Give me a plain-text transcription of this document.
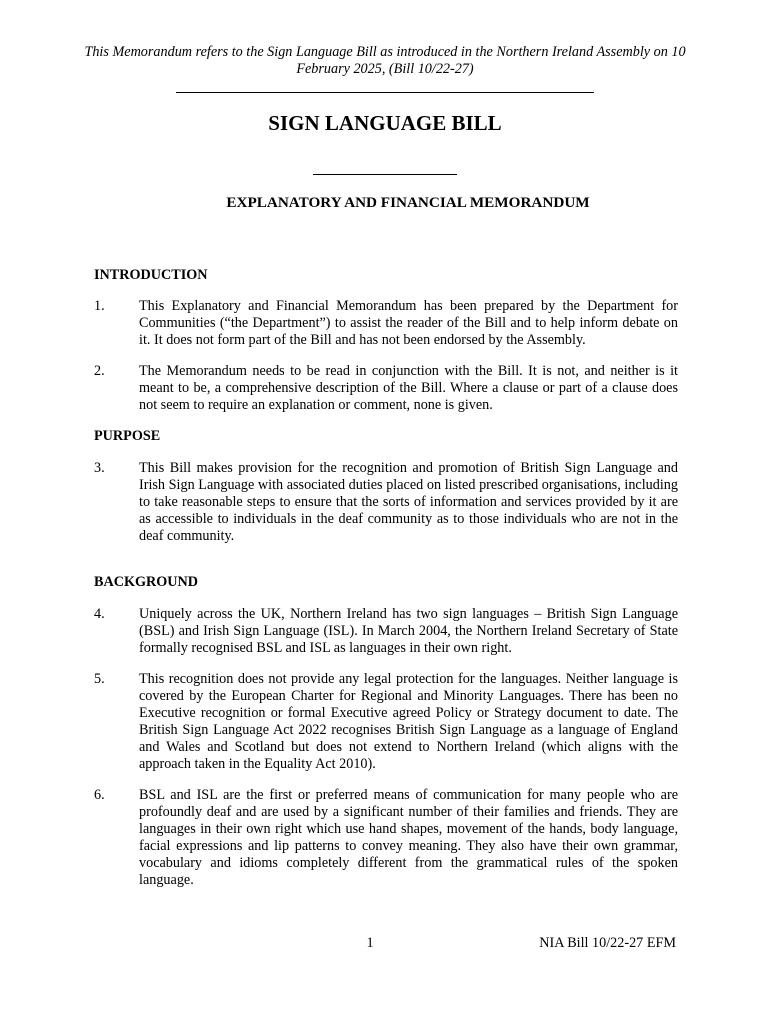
This Memorandum refers to the Sign Language Bill as introduced in the Northern Ireland Assembly on 10 February 2025, (Bill 10/22-27)
SIGN LANGUAGE BILL
EXPLANATORY AND FINANCIAL MEMORANDUM
INTRODUCTION
1.	This Explanatory and Financial Memorandum has been prepared by the Department for Communities (“the Department”) to assist the reader of the Bill and to help inform debate on it. It does not form part of the Bill and has not been endorsed by the Assembly.
2.	The Memorandum needs to be read in conjunction with the Bill. It is not, and neither is it meant to be, a comprehensive description of the Bill. Where a clause or part of a clause does not seem to require an explanation or comment, none is given.
PURPOSE
3.	This Bill makes provision for the recognition and promotion of British Sign Language and Irish Sign Language with associated duties placed on listed prescribed organisations, including to take reasonable steps to ensure that the sorts of information and services provided by it are as accessible to individuals in the deaf community as to those individuals who are not in the deaf community.
BACKGROUND
4.	Uniquely across the UK, Northern Ireland has two sign languages – British Sign Language (BSL) and Irish Sign Language (ISL). In March 2004, the Northern Ireland Secretary of State formally recognised BSL and ISL as languages in their own right.
5.	This recognition does not provide any legal protection for the languages. Neither language is covered by the European Charter for Regional and Minority Languages. There has been no Executive recognition or formal Executive agreed Policy or Strategy document to date. The British Sign Language Act 2022 recognises British Sign Language as a language of England and Wales and Scotland but does not extend to Northern Ireland (which aligns with the approach taken in the Equality Act 2010).
6.	BSL and ISL are the first or preferred means of communication for many people who are profoundly deaf and are used by a significant number of their families and friends. They are languages in their own right which use hand shapes, movement of the hands, body language, facial expressions and lip patterns to convey meaning. They also have their own grammar, vocabulary and idioms completely different from the grammatical rules of the spoken language.
1	NIA Bill 10/22-27 EFM
